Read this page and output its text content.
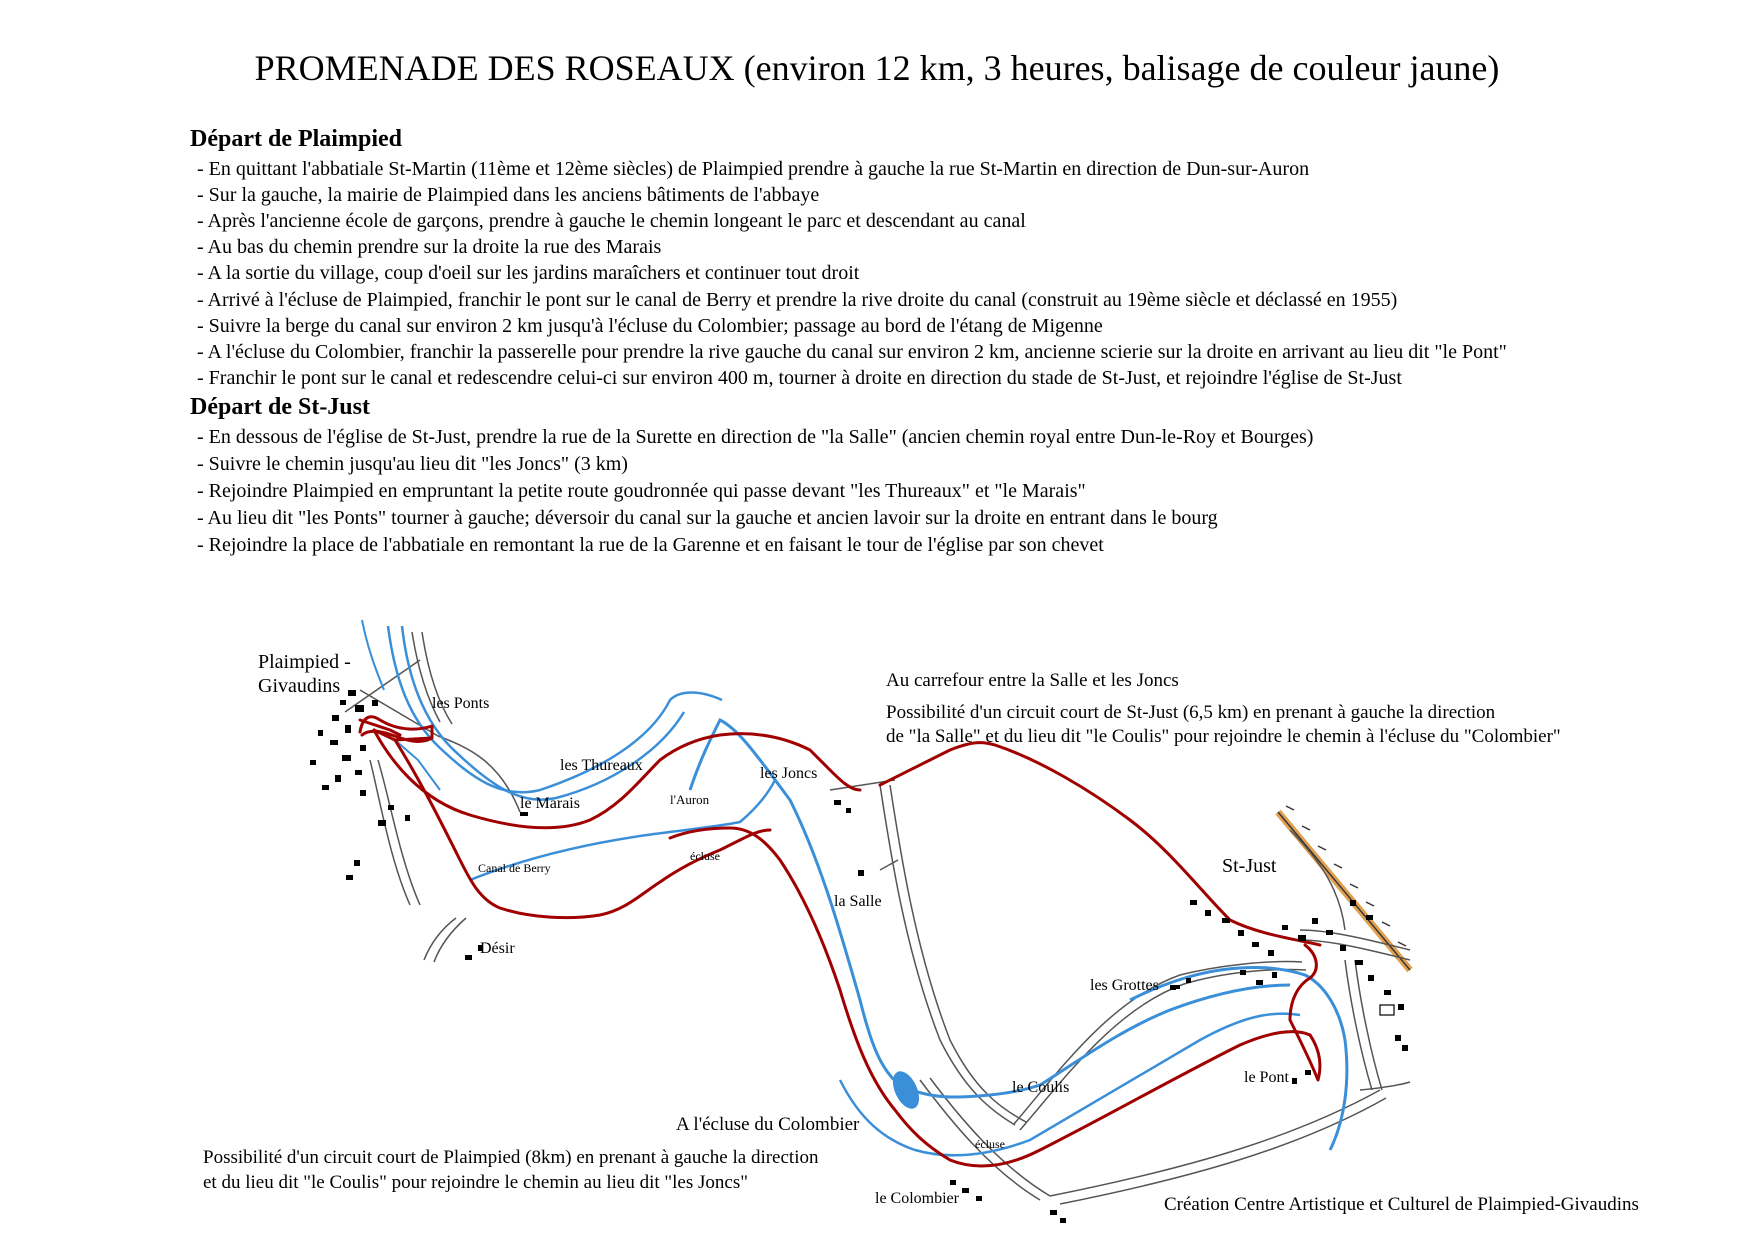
PROMENADE DES ROSEAUX (environ 12 km, 3 heures, balisage de couleur jaune)
Départ de Plaimpied
- En quittant l'abbatiale St-Martin (11ème et 12ème siècles) de Plaimpied prendre à gauche la rue St-Martin en direction de Dun-sur-Auron
- Sur la gauche, la mairie de Plaimpied dans les anciens bâtiments de l'abbaye
- Après l'ancienne école de garçons, prendre à gauche le chemin longeant le parc et descendant au canal
- Au bas du chemin prendre sur la droite la rue des Marais
- A la sortie du village, coup d'oeil sur les jardins maraîchers et continuer tout droit
- Arrivé à l'écluse de Plaimpied, franchir le pont sur le canal de Berry et prendre la rive droite du canal (construit au 19ème siècle et déclassé en 1955)
- Suivre la berge du canal sur environ 2 km jusqu'à l'écluse du Colombier; passage au bord de l'étang de Migenne
- A l'écluse du Colombier, franchir la passerelle pour prendre la rive gauche du canal sur environ 2 km, ancienne scierie sur la droite en arrivant au lieu dit "le Pont"
- Franchir le pont sur le canal et redescendre celui-ci sur environ 400 m, tourner à droite en direction du stade de St-Just, et rejoindre l'église de St-Just
Départ de St-Just
- En dessous de l'église de St-Just, prendre la rue de la Surette en direction de "la Salle" (ancien chemin royal entre Dun-le-Roy et Bourges)
- Suivre le chemin jusqu'au lieu dit "les Joncs" (3 km)
- Rejoindre Plaimpied en empruntant la petite route goudronnée qui passe devant "les Thureaux" et "le Marais"
- Au lieu dit "les Ponts" tourner à gauche; déversoir du canal sur la gauche et ancien lavoir sur la droite en entrant dans le bourg
- Rejoindre la place de l'abbatiale en remontant la rue de la Garenne et en faisant le tour de l'église par son chevet
Plaimpied -
Givaudins
les Ponts
les Thureaux
le Marais	l'Auron
les Joncs
Canal de Berry
écluse
la Salle
Désir
St-Just
les Grottes
le Coulis
le Pont
écluse
le Colombier
Au carrefour entre la Salle et les Joncs
Possibilité d'un circuit court de St-Just (6,5 km) en prenant à gauche la direction
de "la Salle" et du lieu dit "le Coulis" pour rejoindre le chemin à l'écluse du "Colombier"
A l'écluse du Colombier
Possibilité d'un circuit court de Plaimpied (8km) en prenant à gauche la direction
et du lieu dit "le Coulis" pour rejoindre le chemin au lieu dit "les Joncs"
Création Centre Artistique et Culturel de Plaimpied-Givaudins
